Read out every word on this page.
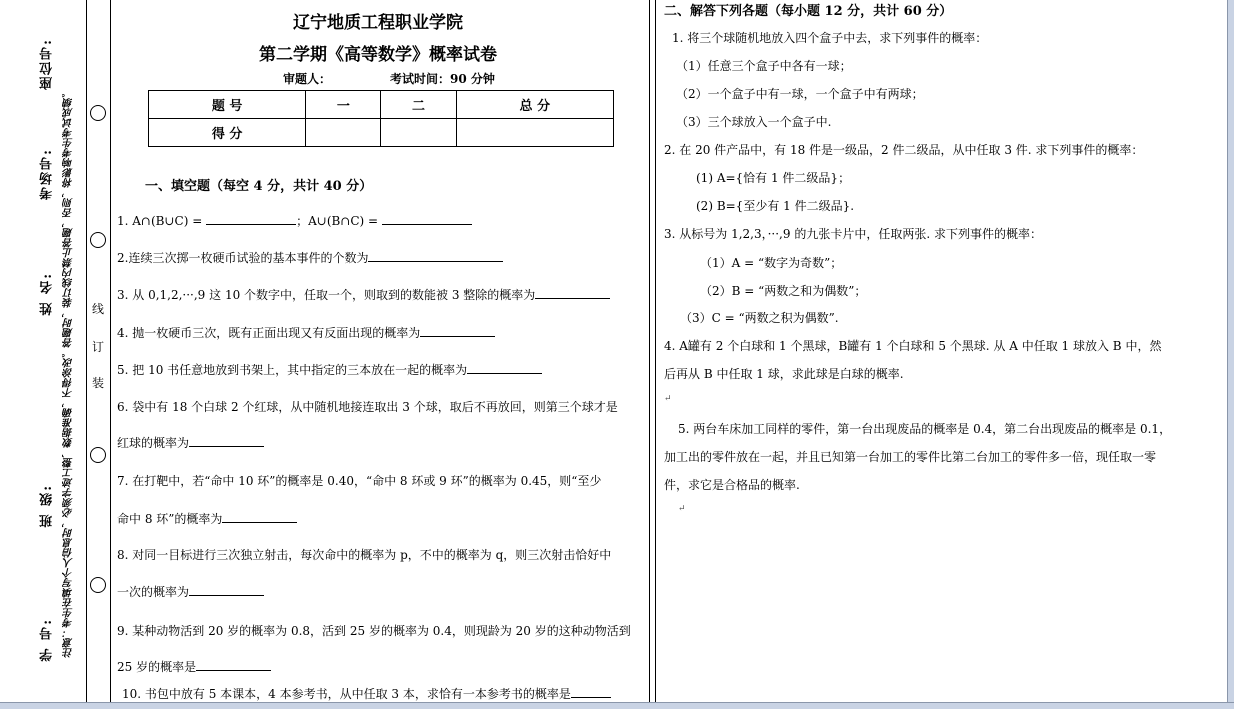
座位号:
考场号:
姓 名:
班 级:
学 号: 注意：考生在填写个人信息时，必须字迹工整、数据准确，不得涂改。答题时，装订线内禁止答题，否则，将影响考生考试成绩。 线
订
装
辽宁地质工程职业学院
第二学期《高等数学》概率试卷
审题人：	考试时间：90 分钟
题 号	一	二	总 分
得 分			
一、填空题（每空 4 分，共计 40 分）
1. A∩(B∪C) =	；A∪(B∩C) =
2.连续三次掷一枚硬币试验的基本事件的个数为
3. 从 0,1,2,···,9 这 10 个数字中，任取一个，则取到的数能被 3 整除的概率为
4. 抛一枚硬币三次，既有正面出现又有反面出现的概率为
5. 把 10 书任意地放到书架上，其中指定的三本放在一起的概率为
6. 袋中有 18 个白球 2 个红球，从中随机地接连取出 3 个球，取后不再放回，则第三个球才是
红球的概率为
7. 在打靶中，若“命中 10 环”的概率是 0.40，“命中 8 环或 9 环”的概率为 0.45，则“至少
命中 8 环”的概率为
8. 对同一目标进行三次独立射击，每次命中的概率为 p，不中的概率为 q，则三次射击恰好中
一次的概率为
9. 某种动物活到 20 岁的概率为 0.8，活到 25 岁的概率为 0.4，则现龄为 20 岁的这种动物活到
25 岁的概率是
10. 书包中放有 5 本课本，4 本参考书，从中任取 3 本，求恰有一本参考书的概率是
二、解答下列各题（每小题 12 分，共计 60 分）
1. 将三个球随机地放入四个盒子中去，求下列事件的概率：
（1）任意三个盒子中各有一球；
（2）一个盒子中有一球，一个盒子中有两球；
（3）三个球放入一个盒子中.
2. 在 20 件产品中，有 18 件是一级品，2 件二级品，从中任取 3 件. 求下列事件的概率：
(1) A={恰有 1 件二级品}；
(2) B={至少有 1 件二级品}.
3. 从标号为 1,2,3，···,9 的九张卡片中，任取两张. 求下列事件的概率：
（1）A = “数字为奇数”；
（2）B = “两数之和为偶数”；
（3）C = “两数之积为偶数”.
4. A罐有 2 个白球和 1 个黑球，B罐有 1 个白球和 5 个黑球. 从 A 中任取 1 球放入 B 中，然
后再从 B 中任取 1 球，求此球是白球的概率.
↵
5. 两台车床加工同样的零件，第一台出现废品的概率是 0.4，第二台出现废品的概率是 0.1，
加工出的零件放在一起，并且已知第一台加工的零件比第二台加工的零件多一倍，现任取一零
件，求它是合格品的概率.
↵
